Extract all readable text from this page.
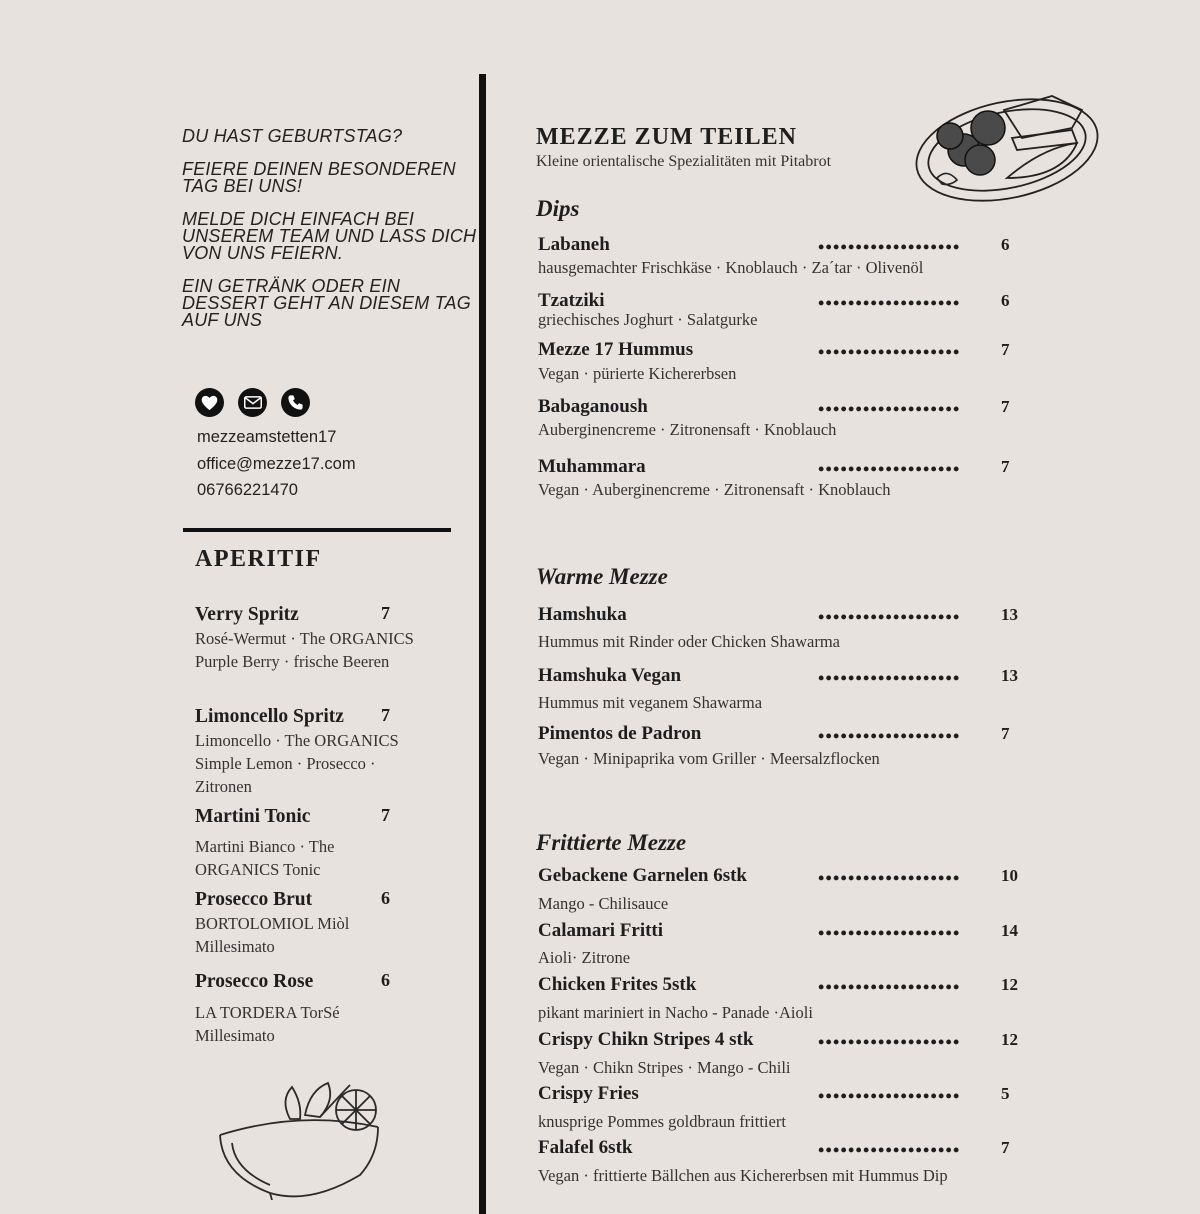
DU HAST GEBURTSTAG?

FEIERE DEINEN BESONDEREN TAG BEI UNS!

MELDE DICH EINFACH BEI UNSEREM TEAM UND LASS DICH VON UNS FEIERN.

EIN GETRÄNK ODER EIN DESSERT GEHT AN DIESEM TAG AUF UNS

mezzeamstetten17
office@mezze17.com
06766221470
APERITIF
Verry Spritz	7
Rosé-Wermut · The ORGANICS Purple Berry · frische Beeren
Limoncello Spritz	7
Limoncello · The ORGANICS Simple Lemon · Prosecco · Zitronen
Martini Tonic	7
Martini Bianco · The ORGANICS Tonic
Prosecco Brut	6
BORTOLOMIOL Miòl Millesimato
Prosecco Rose	6
LA TORDERA TorSé Millesimato
MEZZE ZUM TEILEN
Kleine orientalische Spezialitäten mit Pitabrot
Dips
Labaneh	•••••••••••••••••••	6
hausgemachter Frischkäse · Knoblauch · Za´tar · Olivenöl
Tzatziki	•••••••••••••••••••	6
griechisches Joghurt · Salatgurke
Mezze 17 Hummus	•••••••••••••••••••	7
Vegan · pürierte Kichererbsen
Babaganoush	•••••••••••••••••••	7
Auberginencreme · Zitronensaft · Knoblauch
Muhammara	•••••••••••••••••••	7
Vegan · Auberginencreme · Zitronensaft · Knoblauch
Warme Mezze
Hamshuka	•••••••••••••••••••	13
Hummus mit Rinder oder Chicken Shawarma
Hamshuka Vegan	•••••••••••••••••••	13
Hummus mit veganem Shawarma
Pimentos de Padron	•••••••••••••••••••	7
Vegan · Minipaprika vom Griller · Meersalzflocken
Frittierte Mezze
Gebackene Garnelen 6stk	•••••••••••••••••••	10
Mango - Chilisauce
Calamari Fritti	•••••••••••••••••••	14
Aioli· Zitrone
Chicken Frites 5stk	•••••••••••••••••••	12
pikant mariniert in Nacho - Panade ·Aioli
Crispy Chikn Stripes 4 stk	•••••••••••••••••••	12
Vegan · Chikn Stripes · Mango - Chili
Crispy Fries	•••••••••••••••••••	5
knusprige Pommes goldbraun frittiert
Falafel 6stk	•••••••••••••••••••	7
Vegan · frittierte Bällchen aus Kichererbsen mit Hummus Dip
